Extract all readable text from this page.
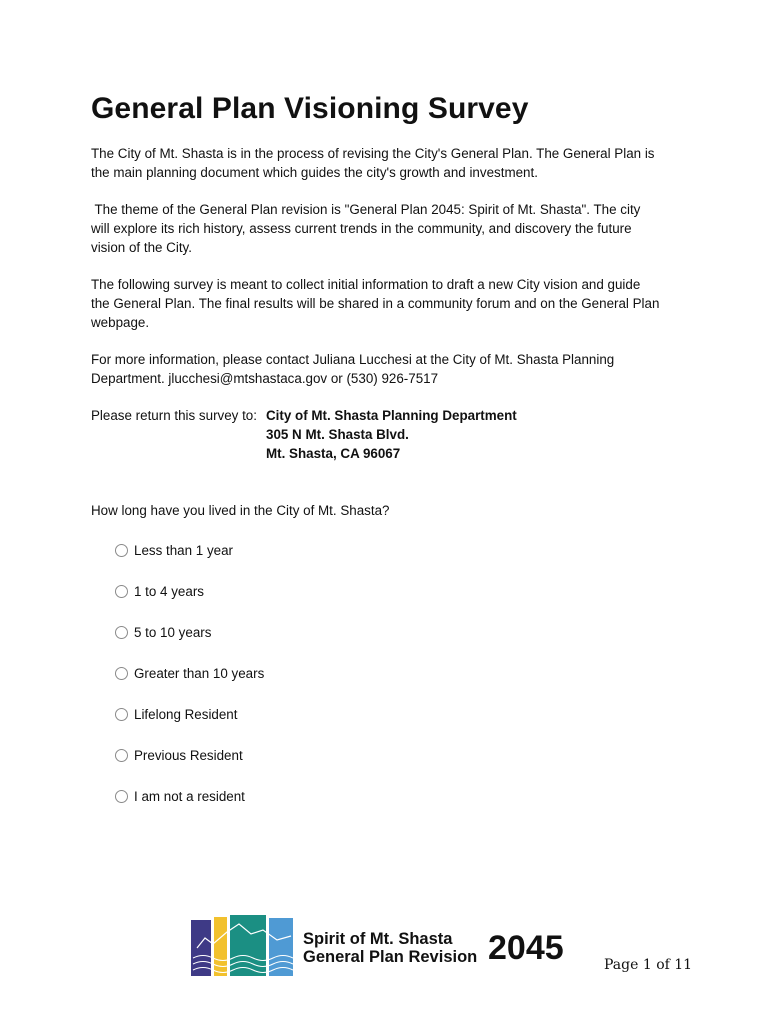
General Plan Visioning Survey

The City of Mt. Shasta is in the process of revising the City's General Plan. The General Plan is
the main planning document which guides the city's growth and investment.

The theme of the General Plan revision is "General Plan 2045: Spirit of Mt. Shasta". The city
will explore its rich history, assess current trends in the community, and discovery the future
vision of the City.

The following survey is meant to collect initial information to draft a new City vision and guide
the General Plan. The final results will be shared in a community forum and on the General Plan
webpage.

For more information, please contact Juliana Lucchesi at the City of Mt. Shasta Planning
Department. jlucchesi@mtshastaca.gov or (530) 926-7517

Please return this survey to: City of Mt. Shasta Planning Department
305 N Mt. Shasta Blvd.
Mt. Shasta, CA 96067
How long have you lived in the City of Mt. Shasta?
Less than 1 year
1 to 4 years
5 to 10 years
Greater than 10 years
Lifelong Resident
Previous Resident
I am not a resident
Spirit of Mt. Shasta
General Plan Revision 2045	Page 1 of 11
